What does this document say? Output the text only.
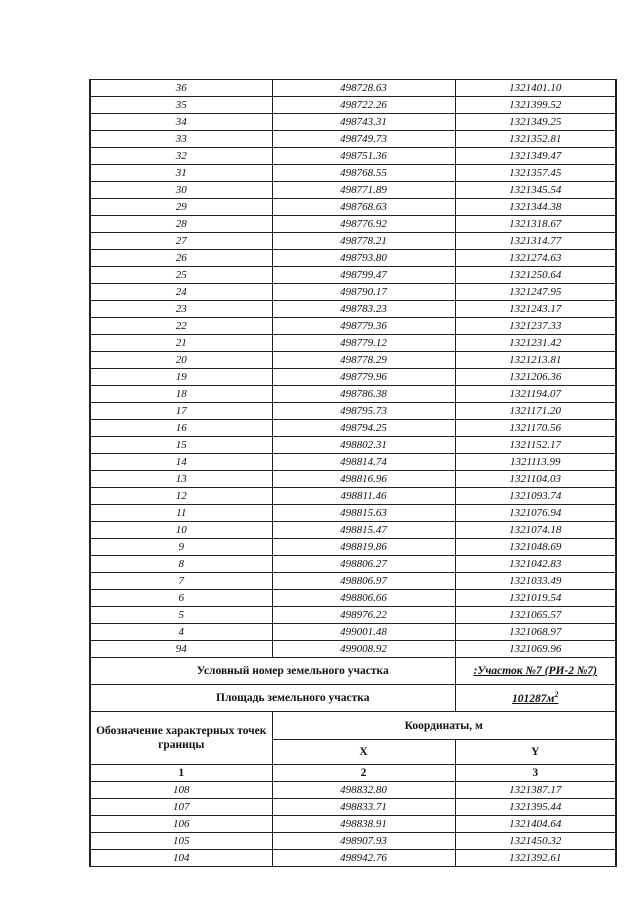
36	498728.63	1321401.10
35	498722.26	1321399.52
34	498743.31	1321349.25
33	498749.73	1321352.81
32	498751.36	1321349.47
31	498768.55	1321357.45
30	498771.89	1321345.54
29	498768.63	1321344.38
28	498776.92	1321318.67
27	498778.21	1321314.77
26	498793.80	1321274.63
25	498799.47	1321250.64
24	498790.17	1321247.95
23	498783.23	1321243.17
22	498779.36	1321237.33
21	498779.12	1321231.42
20	498778.29	1321213.81
19	498779.96	1321206.36
18	498786.38	1321194.07
17	498795.73	1321171.20
16	498794.25	1321170.56
15	498802.31	1321152.17
14	498814.74	1321113.99
13	498816.96	1321104.03
12	498811.46	1321093.74
11	498815.63	1321076.94
10	498815.47	1321074.18
9	498819.86	1321048.69
8	498806.27	1321042.83
7	498806.97	1321033.49
6	498806.66	1321019.54
5	498976.22	1321065.57
4	499001.48	1321068.97
94	499008.92	1321069.96
Условный номер земельного участка		:Участок №7 (РИ-2 №7)
Площадь земельного участка		$101287м^2$
Обозначение характерных точек границы	Координаты, м	
	X	Y
1	2	3
108	498832.80	1321387.17
107	498833.71	1321395.44
106	498838.91	1321404.64
105	498907.93	1321450.32
104	498942.76	1321392.61
